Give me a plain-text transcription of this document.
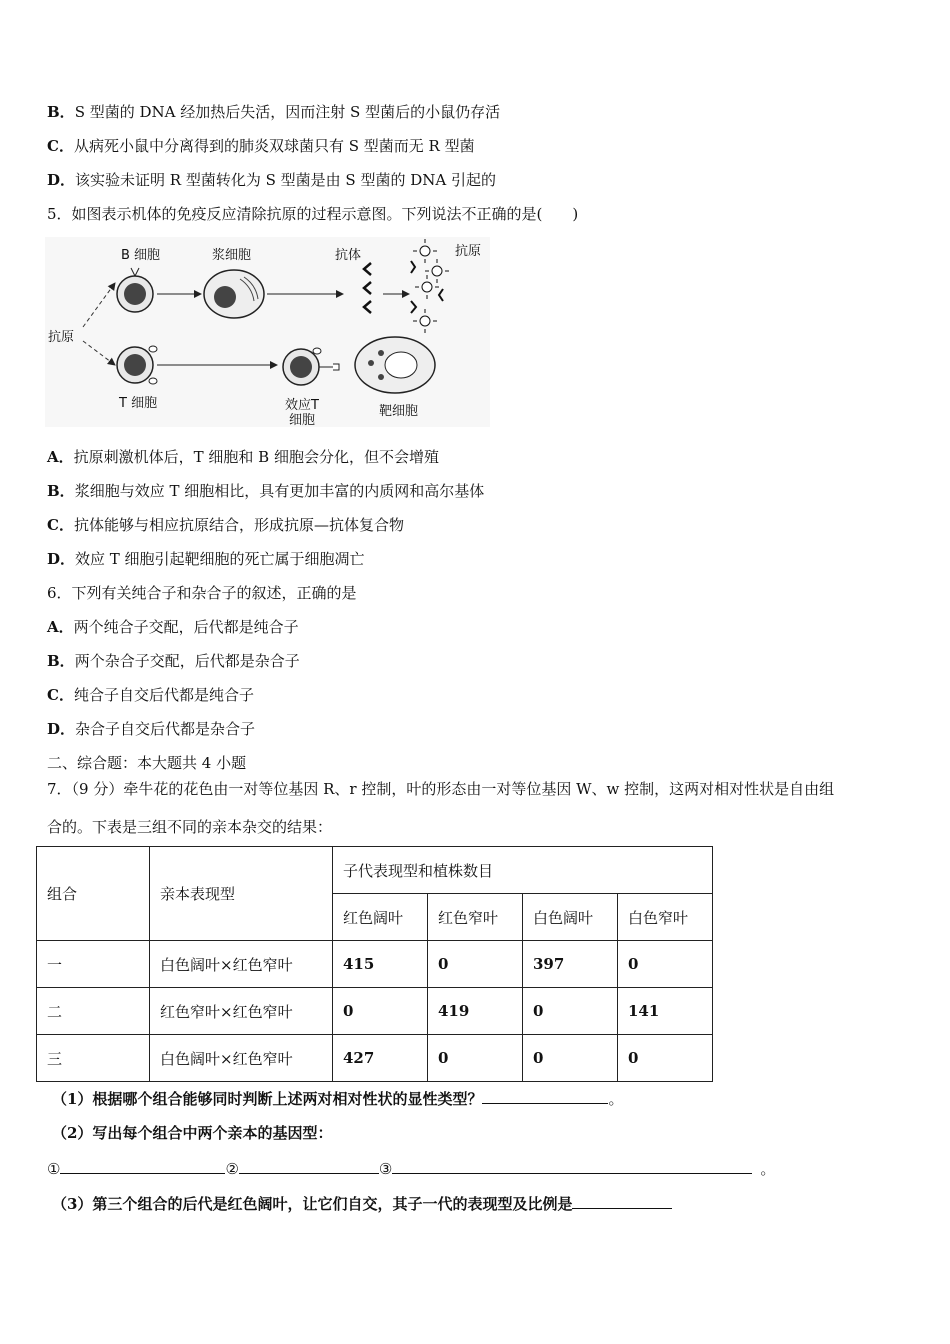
B．S 型菌的 DNA 经加热后失活，因而注射 S 型菌后的小鼠仍存活
C．从病死小鼠中分离得到的肺炎双球菌只有 S 型菌而无 R 型菌
D．该实验未证明 R 型菌转化为 S 型菌是由 S 型菌的 DNA 引起的
5．如图表示机体的免疫反应清除抗原的过程示意图。下列说法不正确的是(　　)
抗原
B 细胞	浆细胞	抗体	抗原
T 细胞	效应T
细胞
靶细胞
A．抗原刺激机体后，T 细胞和 B 细胞会分化，但不会增殖
B．浆细胞与效应 T 细胞相比，具有更加丰富的内质网和高尔基体
C．抗体能够与相应抗原结合，形成抗原—抗体复合物
D．效应 T 细胞引起靶细胞的死亡属于细胞凋亡
6．下列有关纯合子和杂合子的叙述，正确的是
A．两个纯合子交配，后代都是纯合子
B．两个杂合子交配，后代都是杂合子
C．纯合子自交后代都是纯合子
D．杂合子自交后代都是杂合子
二、综合题：本大题共 4 小题
7．（9 分）牵牛花的花色由一对等位基因 R、r 控制，叶的形态由一对等位基因 W、w 控制，这两对相对性状是自由组
合的。下表是三组不同的亲本杂交的结果：
组合	亲本表现型	子代表现型和植株数目			
		红色阔叶	红色窄叶	白色阔叶	白色窄叶
一	白色阔叶×红色窄叶	415	0	397	0
二	红色窄叶×红色窄叶	0	419	0	141
三	白色阔叶×红色窄叶	427	0	0	0
（1）根据哪个组合能够同时判断上述两对相对性状的显性类型？	。
（2）写出每个组合中两个亲本的基因型：
①	②	③	。
（3）第三个组合的后代是红色阔叶，让它们自交，其子一代的表现型及比例是
